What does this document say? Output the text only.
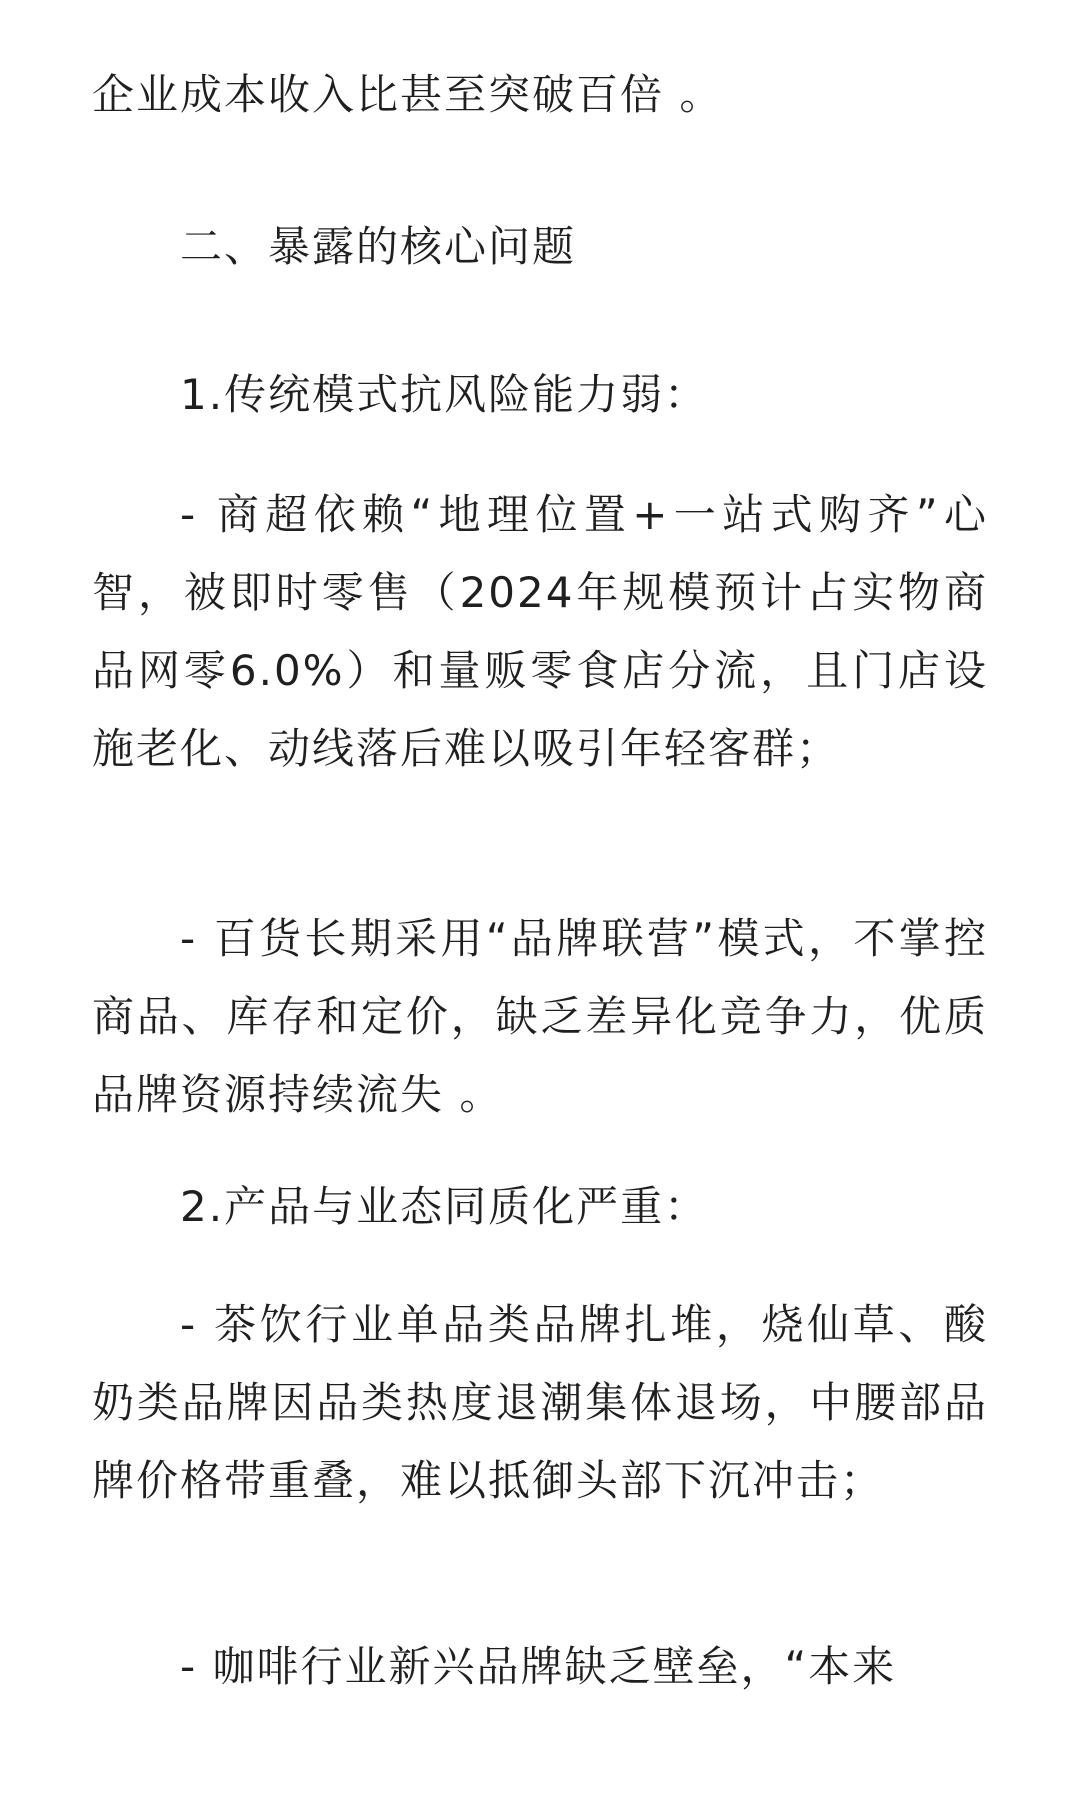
企业成本收入比甚至突破百倍 。

二、暴露的核心问题

1.传统模式抗风险能力弱：

- 商超依赖“地理位置+一站式购齐”心智，被即时零售（2024年规模预计占实物商品网零6.0%）和量贩零食店分流，且门店设施老化、动线落后难以吸引年轻客群；

- 百货长期采用“品牌联营”模式，不掌控商品、库存和定价，缺乏差异化竞争力，优质品牌资源持续流失 。

2.产品与业态同质化严重：

- 茶饮行业单品类品牌扎堆，烧仙草、酸奶类品牌因品类热度退潮集体退场，中腰部品牌价格带重叠，难以抵御头部下沉冲击；

- 咖啡行业新兴品牌缺乏壁垒，“本来
